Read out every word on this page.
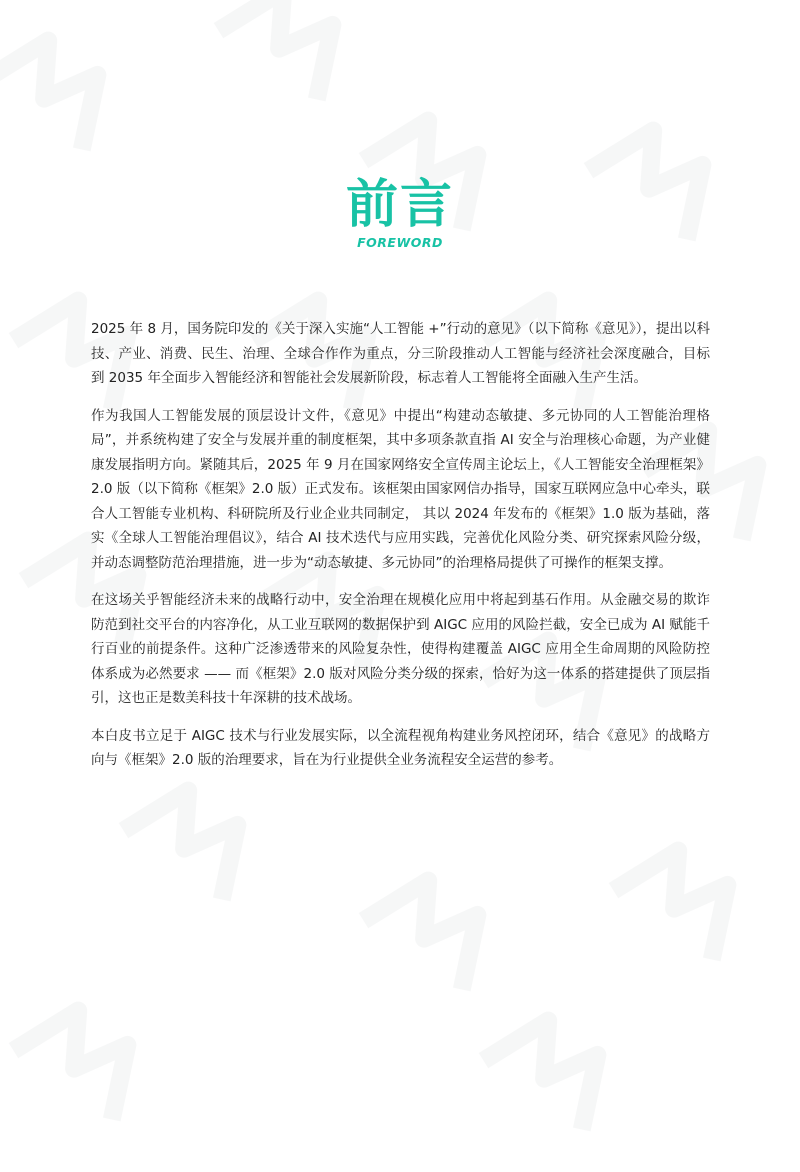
前言
FOREWORD

2025 年 8 月，国务院印发的《关于深入实施“人工智能 +”行动的意见》（以下简称《意见》），提出以科技、产业、消费、民生、治理、全球合作作为重点，分三阶段推动人工智能与经济社会深度融合，目标到 2035 年全面步入智能经济和智能社会发展新阶段，标志着人工智能将全面融入生产生活。

作为我国人工智能发展的顶层设计文件，《意见》中提出“构建动态敏捷、多元协同的人工智能治理格局”，并系统构建了安全与发展并重的制度框架，其中多项条款直指 AI 安全与治理核心命题，为产业健康发展指明方向。紧随其后，2025 年 9 月在国家网络安全宣传周主论坛上，《人工智能安全治理框架》2.0 版（以下简称《框架》2.0 版）正式发布。该框架由国家网信办指导，国家互联网应急中心牵头，联合人工智能专业机构、科研院所及行业企业共同制定， 其以 2024 年发布的《框架》1.0 版为基础，落实《全球人工智能治理倡议》，结合 AI 技术迭代与应用实践，完善优化风险分类、研究探索风险分级，并动态调整防范治理措施，进一步为“动态敏捷、多元协同”的治理格局提供了可操作的框架支撑。

在这场关乎智能经济未来的战略行动中，安全治理在规模化应用中将起到基石作用。从金融交易的欺诈防范到社交平台的内容净化，从工业互联网的数据保护到 AIGC 应用的风险拦截，安全已成为 AI 赋能千行百业的前提条件。这种广泛渗透带来的风险复杂性，使得构建覆盖 AIGC 应用全生命周期的风险防控体系成为必然要求 —— 而《框架》2.0 版对风险分类分级的探索，恰好为这一体系的搭建提供了顶层指引，这也正是数美科技十年深耕的技术战场。

本白皮书立足于 AIGC 技术与行业发展实际，以全流程视角构建业务风控闭环，结合《意见》的战略方向与《框架》2.0 版的治理要求，旨在为行业提供全业务流程安全运营的参考。
